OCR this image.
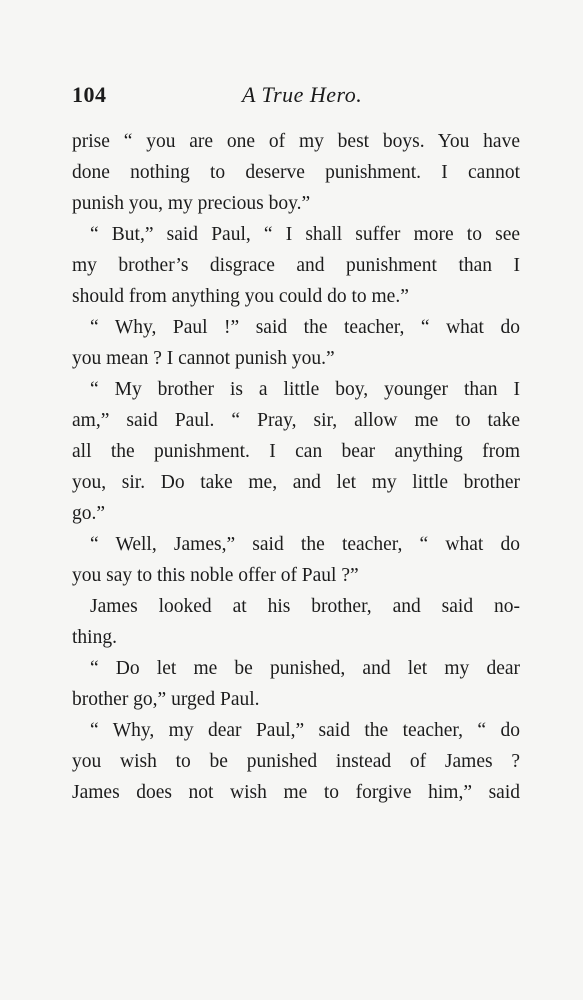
104	A True Hero.
prise “ you are one of my best boys. You have
done nothing to deserve punishment. I cannot
punish you, my precious boy.”
“ But,” said Paul, “ I shall suffer more to see
my brother’s disgrace and punishment than I
should from anything you could do to me.”
“ Why, Paul !” said the teacher, “ what do
you mean ? I cannot punish you.”
“ My brother is a little boy, younger than I
am,” said Paul. “ Pray, sir, allow me to take
all the punishment. I can bear anything from
you, sir. Do take me, and let my little brother
go.”
“ Well, James,” said the teacher, “ what do
you say to this noble offer of Paul ?”
James looked at his brother, and said no-
thing.
“ Do let me be punished, and let my dear
brother go,” urged Paul.
“ Why, my dear Paul,” said the teacher, “ do
you wish to be punished instead of James ?
James does not wish me to forgive him,” said
